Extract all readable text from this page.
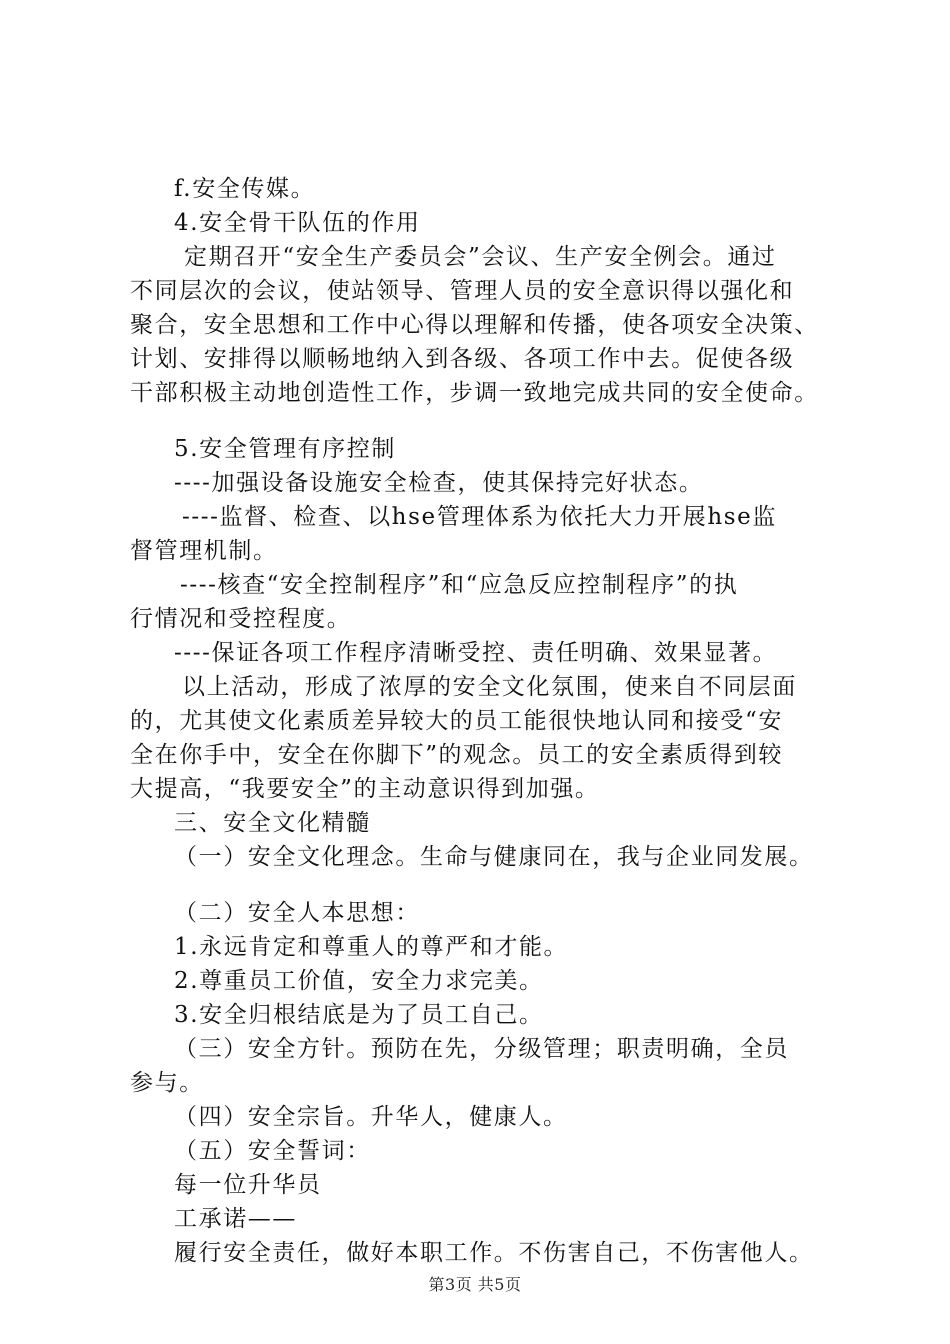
f.安全传媒。
4.安全骨干队伍的作用
定期召开“安全生产委员会”会议、生产安全例会。通过
不同层次的会议，使站领导、管理人员的安全意识得以强化和
聚合，安全思想和工作中心得以理解和传播，使各项安全决策、
计划、安排得以顺畅地纳入到各级、各项工作中去。促使各级
干部积极主动地创造性工作，步调一致地完成共同的安全使命。
5.安全管理有序控制
----加强设备设施安全检查，使其保持完好状态。
----监督、检查、以hse管理体系为依托大力开展hse监
督管理机制。
----核查“安全控制程序”和“应急反应控制程序”的执
行情况和受控程度。
----保证各项工作程序清晰受控、责任明确、效果显著。
以上活动，形成了浓厚的安全文化氛围，使来自不同层面
的，尤其使文化素质差异较大的员工能很快地认同和接受“安
全在你手中，安全在你脚下”的观念。员工的安全素质得到较
大提高，“我要安全”的主动意识得到加强。
三、安全文化精髓
（一）安全文化理念。生命与健康同在，我与企业同发展。
（二）安全人本思想：
1.永远肯定和尊重人的尊严和才能。
2.尊重员工价值，安全力求完美。
3.安全归根结底是为了员工自己。
（三）安全方针。预防在先，分级管理；职责明确，全员
参与。
（四）安全宗旨。升华人，健康人。
（五）安全誓词：
每一位升华员
工承诺——
履行安全责任，做好本职工作。不伤害自己，不伤害他人。
第3页 共5页
